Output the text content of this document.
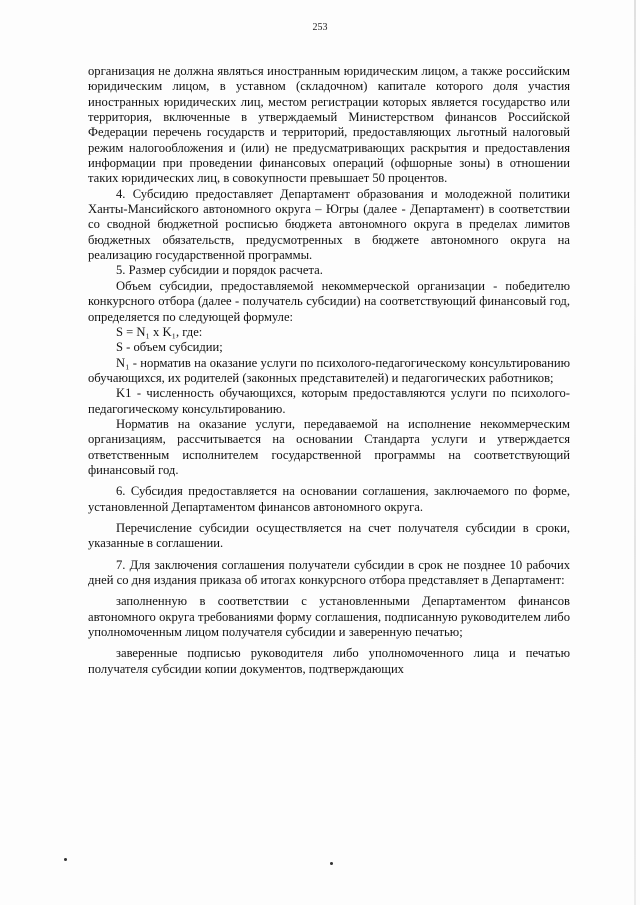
253

организация не должна являться иностранным юридическим лицом, а также российским юридическим лицом, в уставном (складочном) капитале которого доля участия иностранных юридических лиц, местом регистрации которых является государство или территория, включенные в утверждаемый Министерством финансов Российской Федерации перечень государств и территорий, предоставляющих льготный налоговый режим налогообложения и (или) не предусматривающих раскрытия и предоставления информации при проведении финансовых операций (офшорные зоны) в отношении таких юридических лиц, в совокупности превышает 50 процентов.

4. Субсидию предоставляет Департамент образования и молодежной политики Ханты-Мансийского автономного округа – Югры (далее - Департамент) в соответствии со сводной бюджетной росписью бюджета автономного округа в пределах лимитов бюджетных обязательств, предусмотренных в бюджете автономного округа на реализацию государственной программы.

5. Размер субсидии и порядок расчета.

Объем субсидии, предоставляемой некоммерческой организации - победителю конкурсного отбора (далее - получатель субсидии) на соответствующий финансовый год, определяется по следующей формуле:

S = N₁ x K₁, где:

S - объем субсидии;

N₁ - норматив на оказание услуги по психолого-педагогическому консультированию обучающихся, их родителей (законных представителей) и педагогических работников;

K1 - численность обучающихся, которым предоставляются услуги по психолого-педагогическому консультированию.

Норматив на оказание услуги, передаваемой на исполнение некоммерческим организациям, рассчитывается на основании Стандарта услуги и утверждается ответственным исполнителем государственной программы на соответствующий финансовый год.

6. Субсидия предоставляется на основании соглашения, заключаемого по форме, установленной Департаментом финансов автономного округа.

Перечисление субсидии осуществляется на счет получателя субсидии в сроки, указанные в соглашении.

7. Для заключения соглашения получатели субсидии в срок не позднее 10 рабочих дней со дня издания приказа об итогах конкурсного отбора представляет в Департамент:

заполненную в соответствии с установленными Департаментом финансов автономного округа требованиями форму соглашения, подписанную руководителем либо уполномоченным лицом получателя субсидии и заверенную печатью;

заверенные подписью руководителя либо уполномоченного лица и печатью получателя субсидии копии документов, подтверждающих
